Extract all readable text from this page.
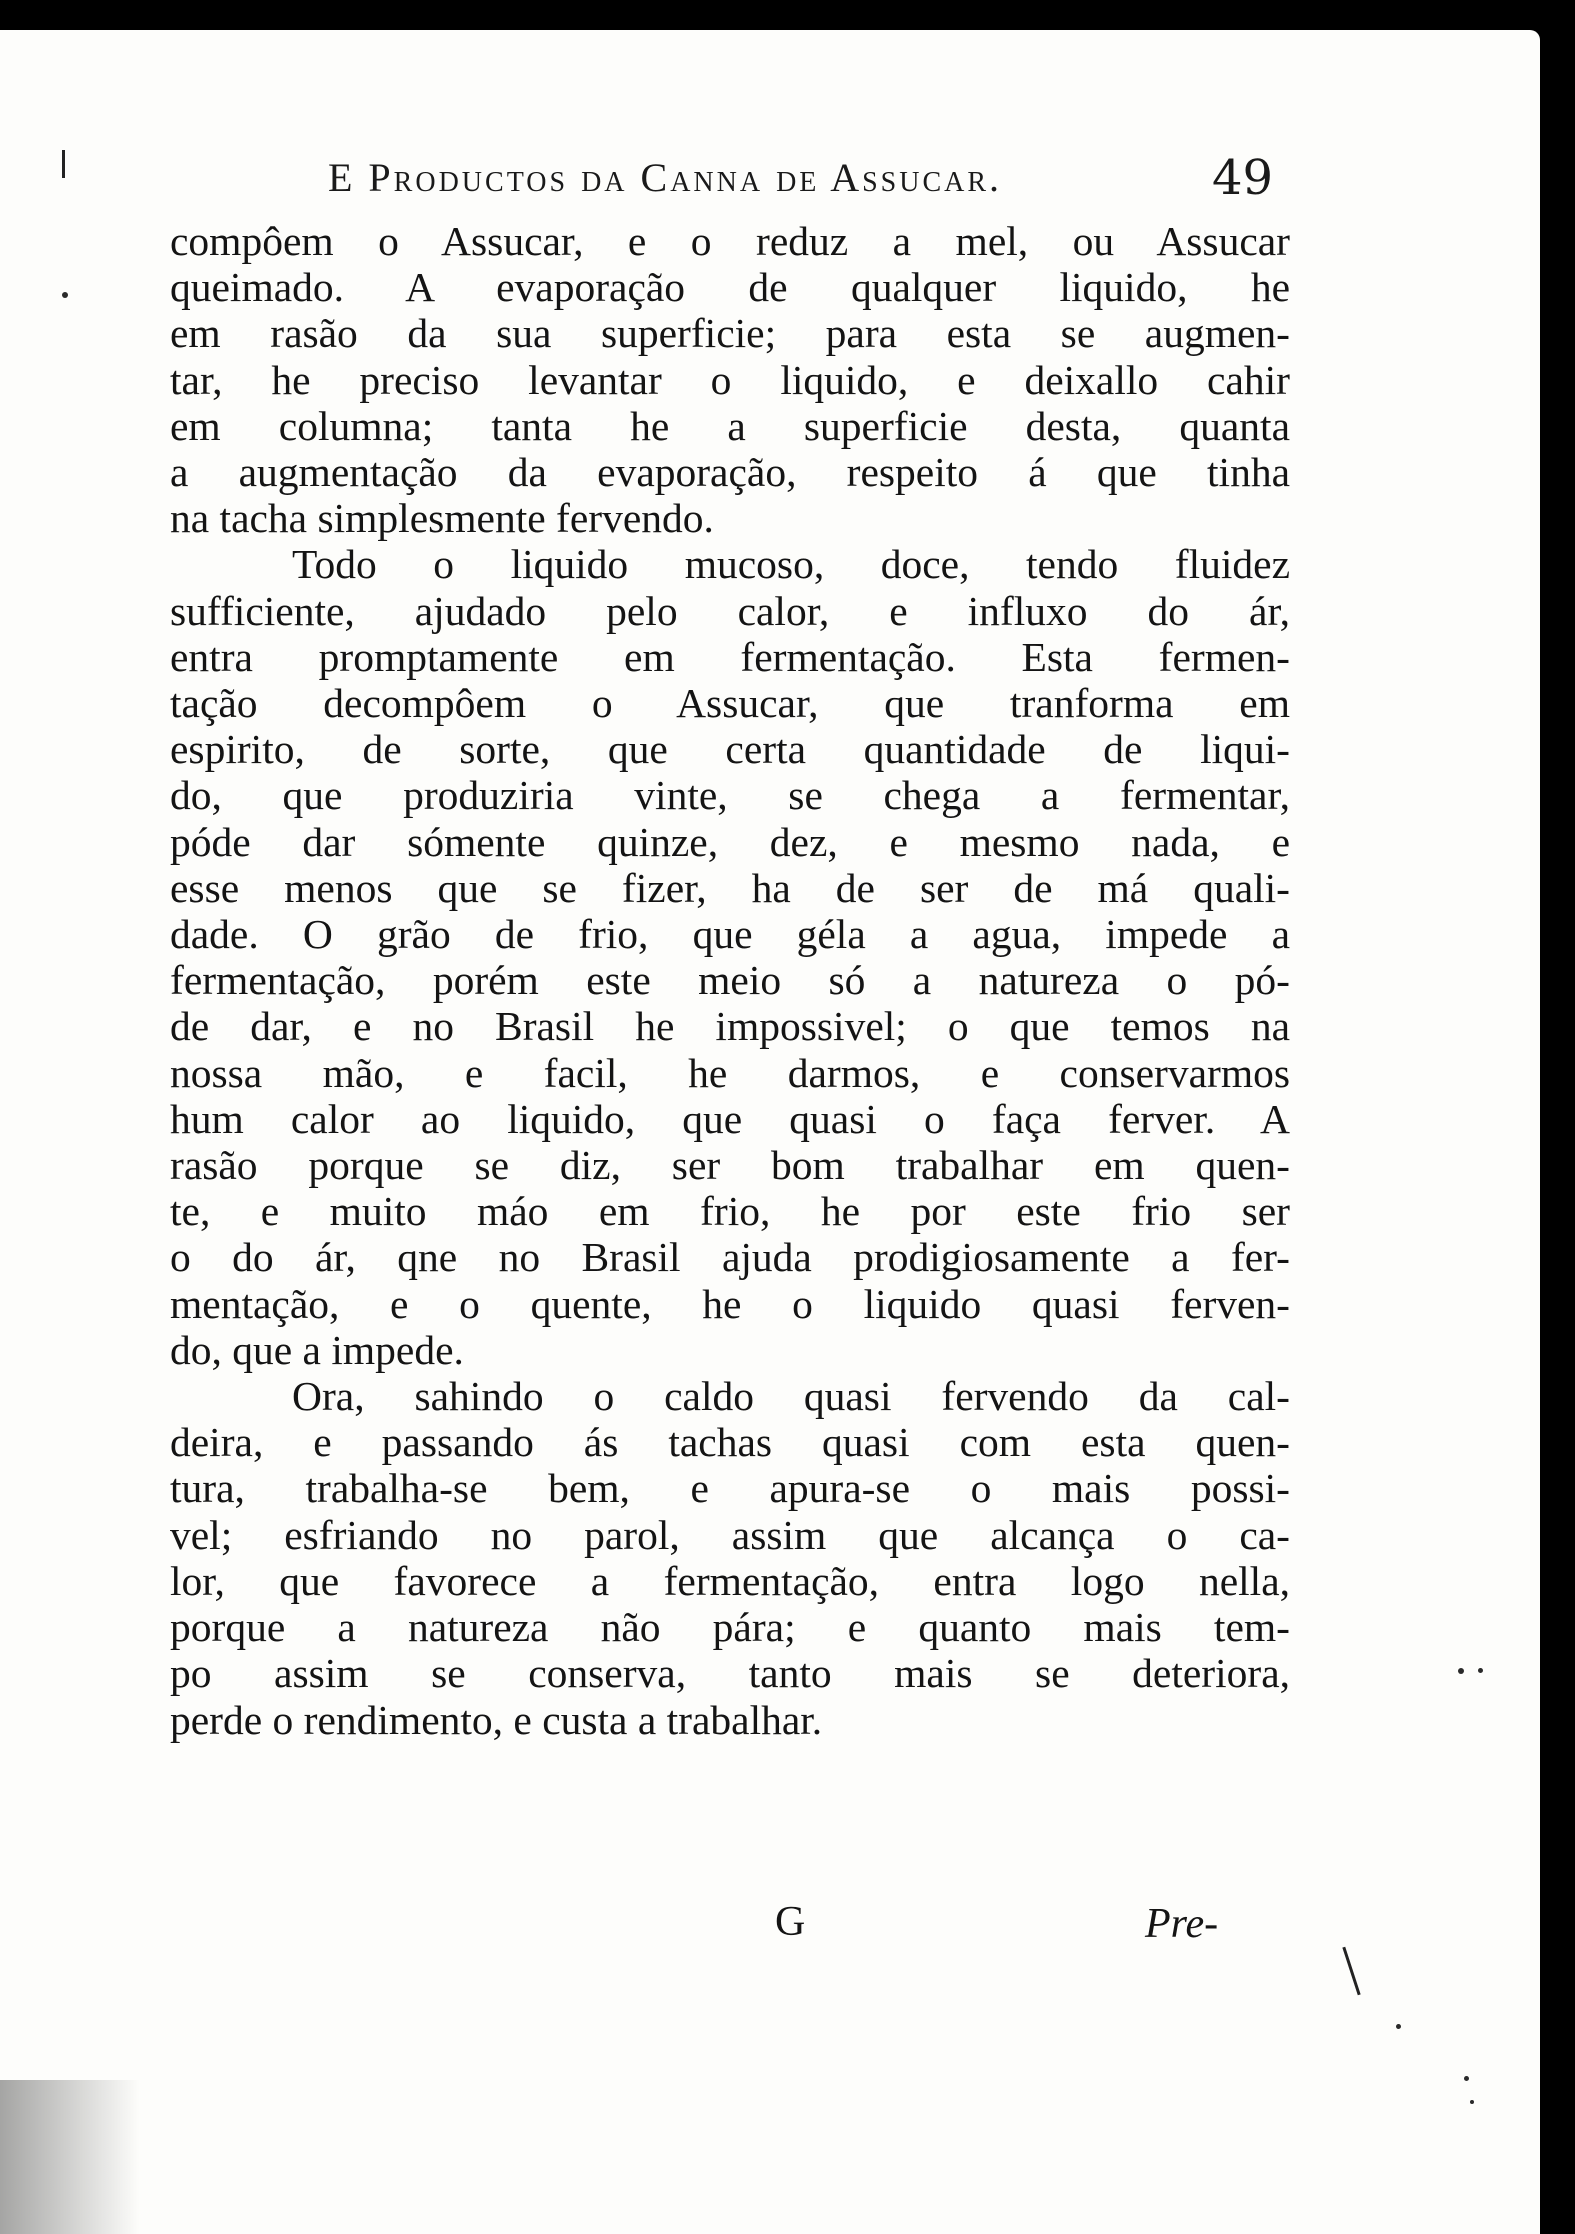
E Productos da Canna de Assucar.	49
compôem o Assucar, e o reduz a mel, ou Assucar
queimado. A evaporação de qualquer liquido, he
em rasão da sua superficie; para esta se augmen-
tar, he preciso levantar o liquido, e deixallo cahir
em columna; tanta he a superficie desta, quanta
a augmentação da evaporação, respeito á que tinha
na tacha simplesmente fervendo.
Todo o liquido mucoso, doce, tendo fluidez
sufficiente, ajudado pelo calor, e influxo do ár,
entra promptamente em fermentação. Esta fermen-
tação decompôem o Assucar, que tranforma em
espirito, de sorte, que certa quantidade de liqui-
do, que produziria vinte, se chega a fermentar,
póde dar sómente quinze, dez, e mesmo nada, e
esse menos que se fizer, ha de ser de má quali-
dade. O grão de frio, que géla a agua, impede a
fermentação, porém este meio só a natureza o pó-
de dar, e no Brasil he impossivel; o que temos na
nossa mão, e facil, he darmos, e conservarmos
hum calor ao liquido, que quasi o faça ferver. A
rasão porque se diz, ser bom trabalhar em quen-
te, e muito máo em frio, he por este frio ser
o do ár, qne no Brasil ajuda prodigiosamente a fer-
mentação, e o quente, he o liquido quasi ferven-
do, que a impede.
Ora, sahindo o caldo quasi fervendo da cal-
deira, e passando ás tachas quasi com esta quen-
tura, trabalha-se bem, e apura-se o mais possi-
vel; esfriando no parol, assim que alcança o ca-
lor, que favorece a fermentação, entra logo nella,
porque a natureza não pára; e quanto mais tem-
po assim se conserva, tanto mais se deteriora,
perde o rendimento, e custa a trabalhar.
G	Pre-
